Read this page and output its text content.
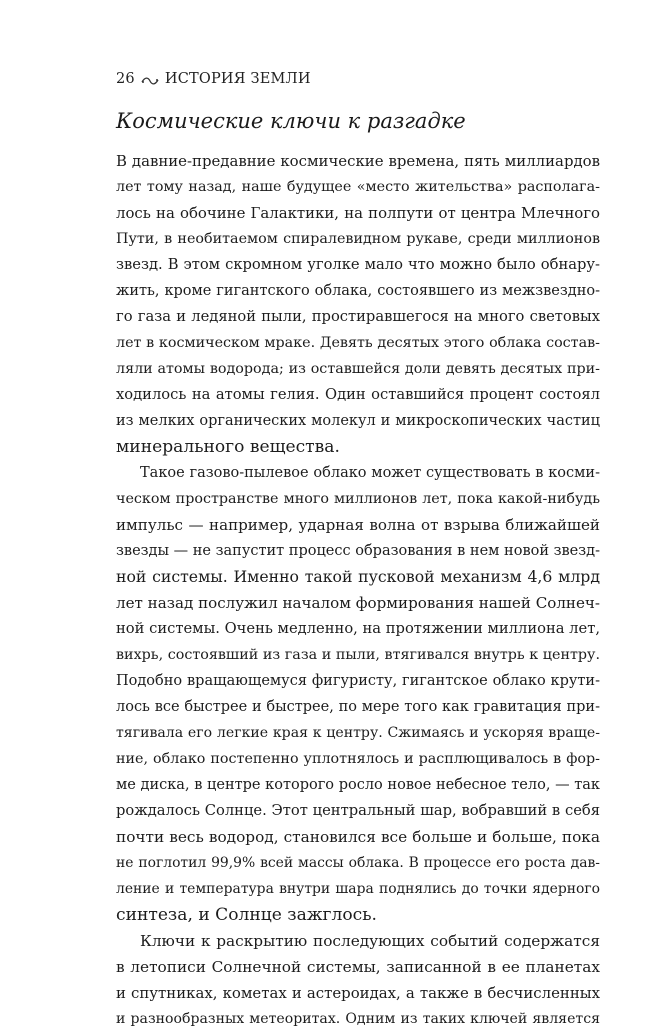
26 ИСТОРИЯ ЗЕМЛИ
Космические ключи к разгадке
В давние-предавние космические времена, пять миллиардов
лет тому назад, наше будущее «место жительства» располага-
лось на обочине Галактики, на полпути от центра Млечного
Пути, в необитаемом спиралевидном рукаве, среди миллионов
звезд. В этом скромном уголке мало что можно было обнару-
жить, кроме гигантского облака, состоявшего из межзвездно-
го газа и ледяной пыли, простиравшегося на много световых
лет в космическом мраке. Девять десятых этого облака состав-
ляли атомы водорода; из оставшейся доли девять десятых при-
ходилось на атомы гелия. Один оставшийся процент состоял
из мелких органических молекул и микроскопических частиц
минерального вещества.
Такое газово-пылевое облако может существовать в косми-
ческом пространстве много миллионов лет, пока какой-нибудь
импульс — например, ударная волна от взрыва ближайшей
звезды — не запустит процесс образования в нем новой звезд-
ной системы. Именно такой пусковой механизм 4,6 млрд
лет назад послужил началом формирования нашей Солнеч-
ной системы. Очень медленно, на протяжении миллиона лет,
вихрь, состоявший из газа и пыли, втягивался внутрь к центру.
Подобно вращающемуся фигуристу, гигантское облако крути-
лось все быстрее и быстрее, по мере того как гравитация при-
тягивала его легкие края к центру. Сжимаясь и ускоряя враще-
ние, облако постепенно уплотнялось и расплющивалось в фор-
ме диска, в центре которого росло новое небесное тело, — так
рождалось Солнце. Этот центральный шар, вобравший в себя
почти весь водород, становился все больше и больше, пока
не поглотил 99,9% всей массы облака. В процессе его роста дав-
ление и температура внутри шара поднялись до точки ядерного
синтеза, и Солнце зажглось.
Ключи к раскрытию последующих событий содержатся
в летописи Солнечной системы, записанной в ее планетах
и спутниках, кометах и астероидах, а также в бесчисленных
и разнообразных метеоритах. Одним из таких ключей является
